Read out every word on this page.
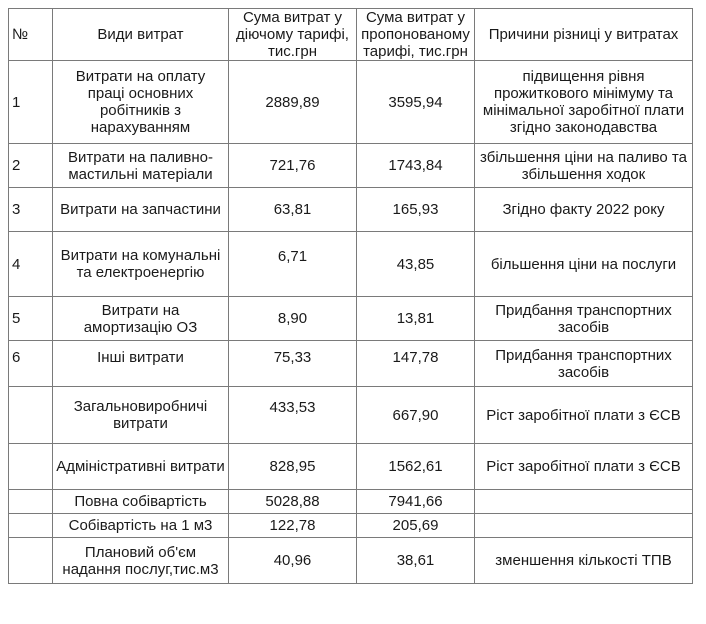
№	Види витрат	Сума витрат у діючому тарифі, тис.грн	Сума витрат у пропонованому тарифі, тис.грн	Причини різниці у витратах
1	Витрати на оплату праці основних робітників з нарахуванням	2889,89	3595,94	підвищення рівня прожиткового мінімуму та мінімальної заробітної плати згідно законодавства
2	Витрати на паливно-мастильні матеріали	721,76	1743,84	збільшення ціни на паливо та збільшення ходок
3	Витрати на запчастини	63,81	165,93	Згідно факту 2022 року
4	Витрати на комунальні та електроенергію	6,71	43,85	більшення ціни на послуги
5	Витрати на амортизацію ОЗ	8,90	13,81	Придбання транспортних засобів
6	Інші витрати	75,33	147,78	Придбання транспортних засобів
	Загальновиробничі витрати	433,53	667,90	Ріст заробітної плати з ЄСВ
	Адміністративні витрати	828,95	1562,61	Ріст заробітної плати з ЄСВ
	Повна собівартість	5028,88	7941,66	
	Собівартість на 1 м3	122,78	205,69	
	Плановий об'єм надання послуг,тис.м3	40,96	38,61	зменшення кількості ТПВ
